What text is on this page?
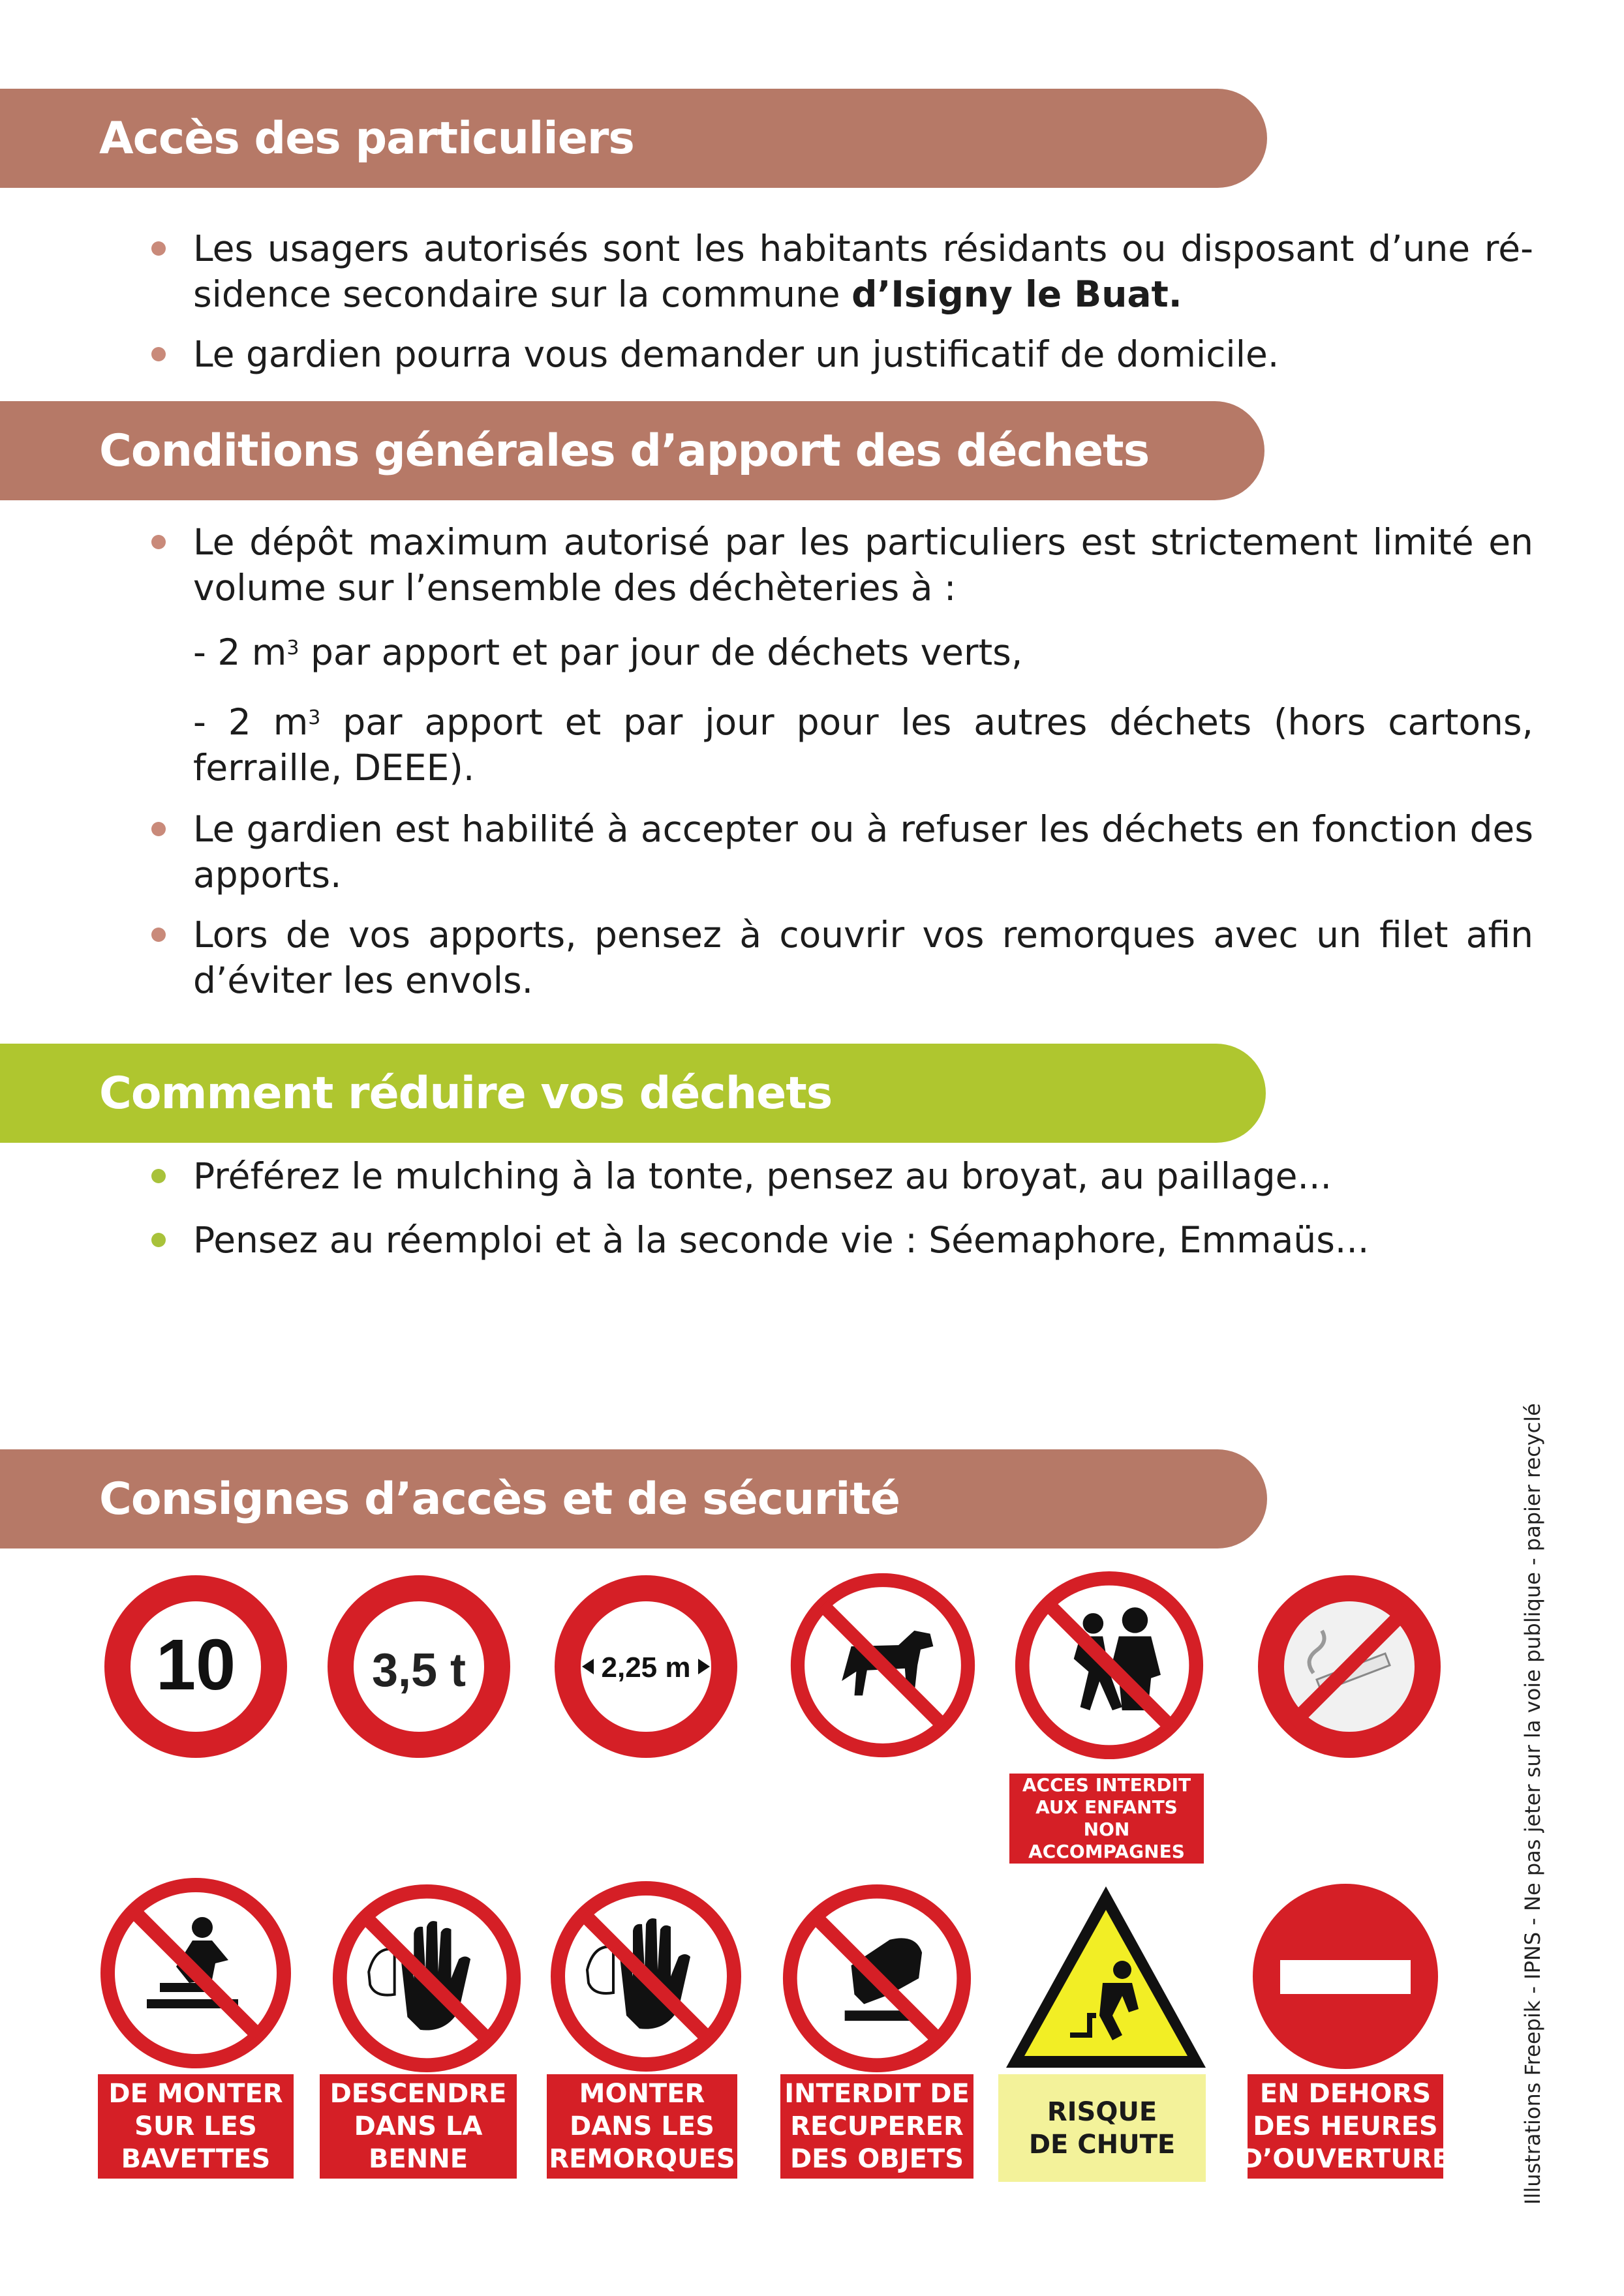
Accès des particuliers
Les usagers autorisés sont les habitants résidants ou disposant d’une ré-sidence secondaire sur la commune d’Isigny le Buat.
Le gardien pourra vous demander un justificatif de domicile.
Conditions générales d’apport des déchets
Le dépôt maximum autorisé par les particuliers est strictement limité en volume sur l’ensemble des déchèteries à :
- 2 $m^3$ par apport et par jour de déchets verts,
- 2 $m^3$ par apport et par jour pour les autres déchets (hors cartons, ferraille, DEEE).
Le gardien est habilité à accepter ou à refuser les déchets en fonction des apports.
Lors de vos apports, pensez à couvrir vos remorques avec un filet afin d’éviter les envols.
Comment réduire vos déchets
Préférez le mulching à la tonte, pensez au broyat, au paillage...
Pensez au réemploi et à la seconde vie : Séemaphore, Emmaüs...
Consignes d’accès et de sécurité	Illustrations Freepik - IPNS - Ne pas jeter sur la voie publique - papier recyclé
10	3,5 t	2,25 m
ACCES INTERDIT
AUX ENFANTS
NON ACCOMPAGNES
DE MONTER
SUR LES
BAVETTES
DESCENDRE
DANS LA
BENNE
MONTER
DANS LES
REMORQUES
INTERDIT DE
RECUPERER
DES OBJETS
RISQUE
DE CHUTE
EN DEHORS
DES HEURES
D’OUVERTURE
